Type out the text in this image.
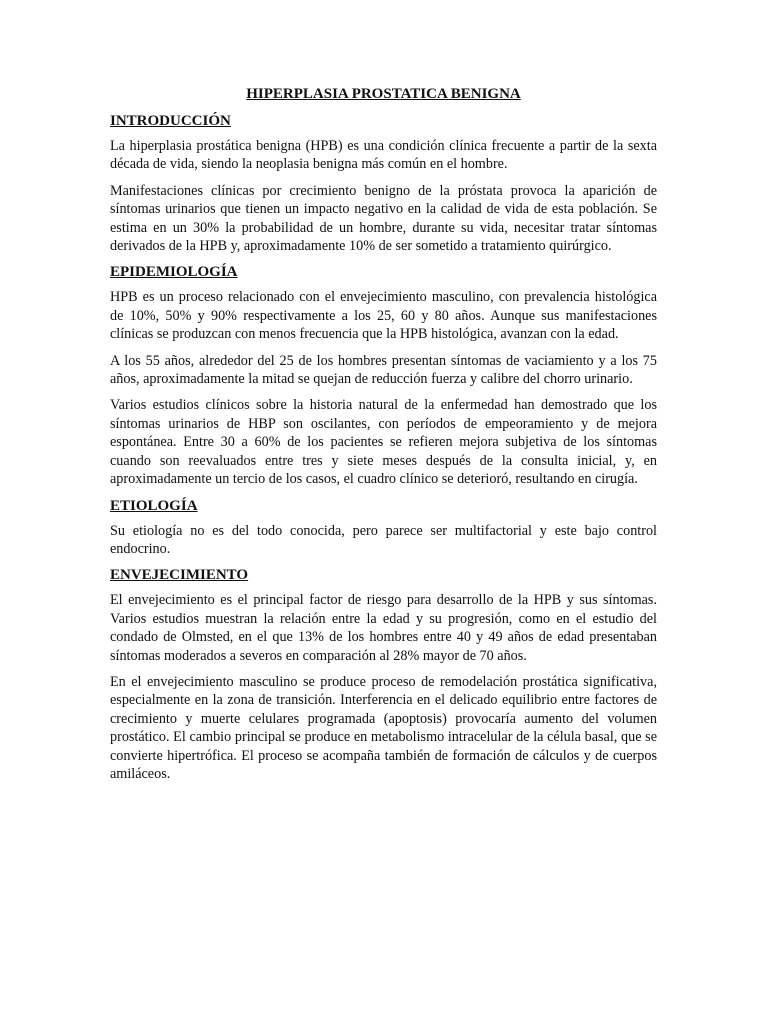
HIPERPLASIA PROSTATICA BENIGNA
INTRODUCCIÓN

La hiperplasia prostática benigna (HPB) es una condición clínica frecuente a partir de la sexta década de vida, siendo la neoplasia benigna más común en el hombre.

Manifestaciones clínicas por crecimiento benigno de la próstata provoca la aparición de síntomas urinarios que tienen un impacto negativo en la calidad de vida de esta población. Se estima en un 30% la probabilidad de un hombre, durante su vida, necesitar tratar síntomas derivados de la HPB y, aproximadamente 10% de ser sometido a tratamiento quirúrgico.

EPIDEMIOLOGÍA

HPB es un proceso relacionado con el envejecimiento masculino, con prevalencia histológica de 10%, 50% y 90% respectivamente a los 25, 60 y 80 años. Aunque sus manifestaciones clínicas se produzcan con menos frecuencia que la HPB histológica, avanzan con la edad.

A los 55 años, alrededor del 25 de los hombres presentan síntomas de vaciamiento y a los 75 años, aproximadamente la mitad se quejan de reducción fuerza y calibre del chorro urinario.

Varios estudios clínicos sobre la historia natural de la enfermedad han demostrado que los síntomas urinarios de HBP son oscilantes, con períodos de empeoramiento y de mejora espontánea. Entre 30 a 60% de los pacientes se refieren mejora subjetiva de los síntomas cuando son reevaluados entre tres y siete meses después de la consulta inicial, y, en aproximadamente un tercio de los casos, el cuadro clínico se deterioró, resultando en cirugía.

ETIOLOGÍA

Su etiología no es del todo conocida, pero parece ser multifactorial y este bajo control endocrino.

ENVEJECIMIENTO

El envejecimiento es el principal factor de riesgo para desarrollo de la HPB y sus síntomas. Varios estudios muestran la relación entre la edad y su progresión, como en el estudio del condado de Olmsted, en el que 13% de los hombres entre 40 y 49 años de edad presentaban síntomas moderados a severos en comparación al 28% mayor de 70 años.

En el envejecimiento masculino se produce proceso de remodelación prostática significativa, especialmente en la zona de transición. Interferencia en el delicado equilibrio entre factores de crecimiento y muerte celulares programada (apoptosis) provocaría aumento del volumen prostático. El cambio principal se produce en metabolismo intracelular de la célula basal, que se convierte hipertrófica. El proceso se acompaña también de formación de cálculos y de cuerpos amiláceos.
